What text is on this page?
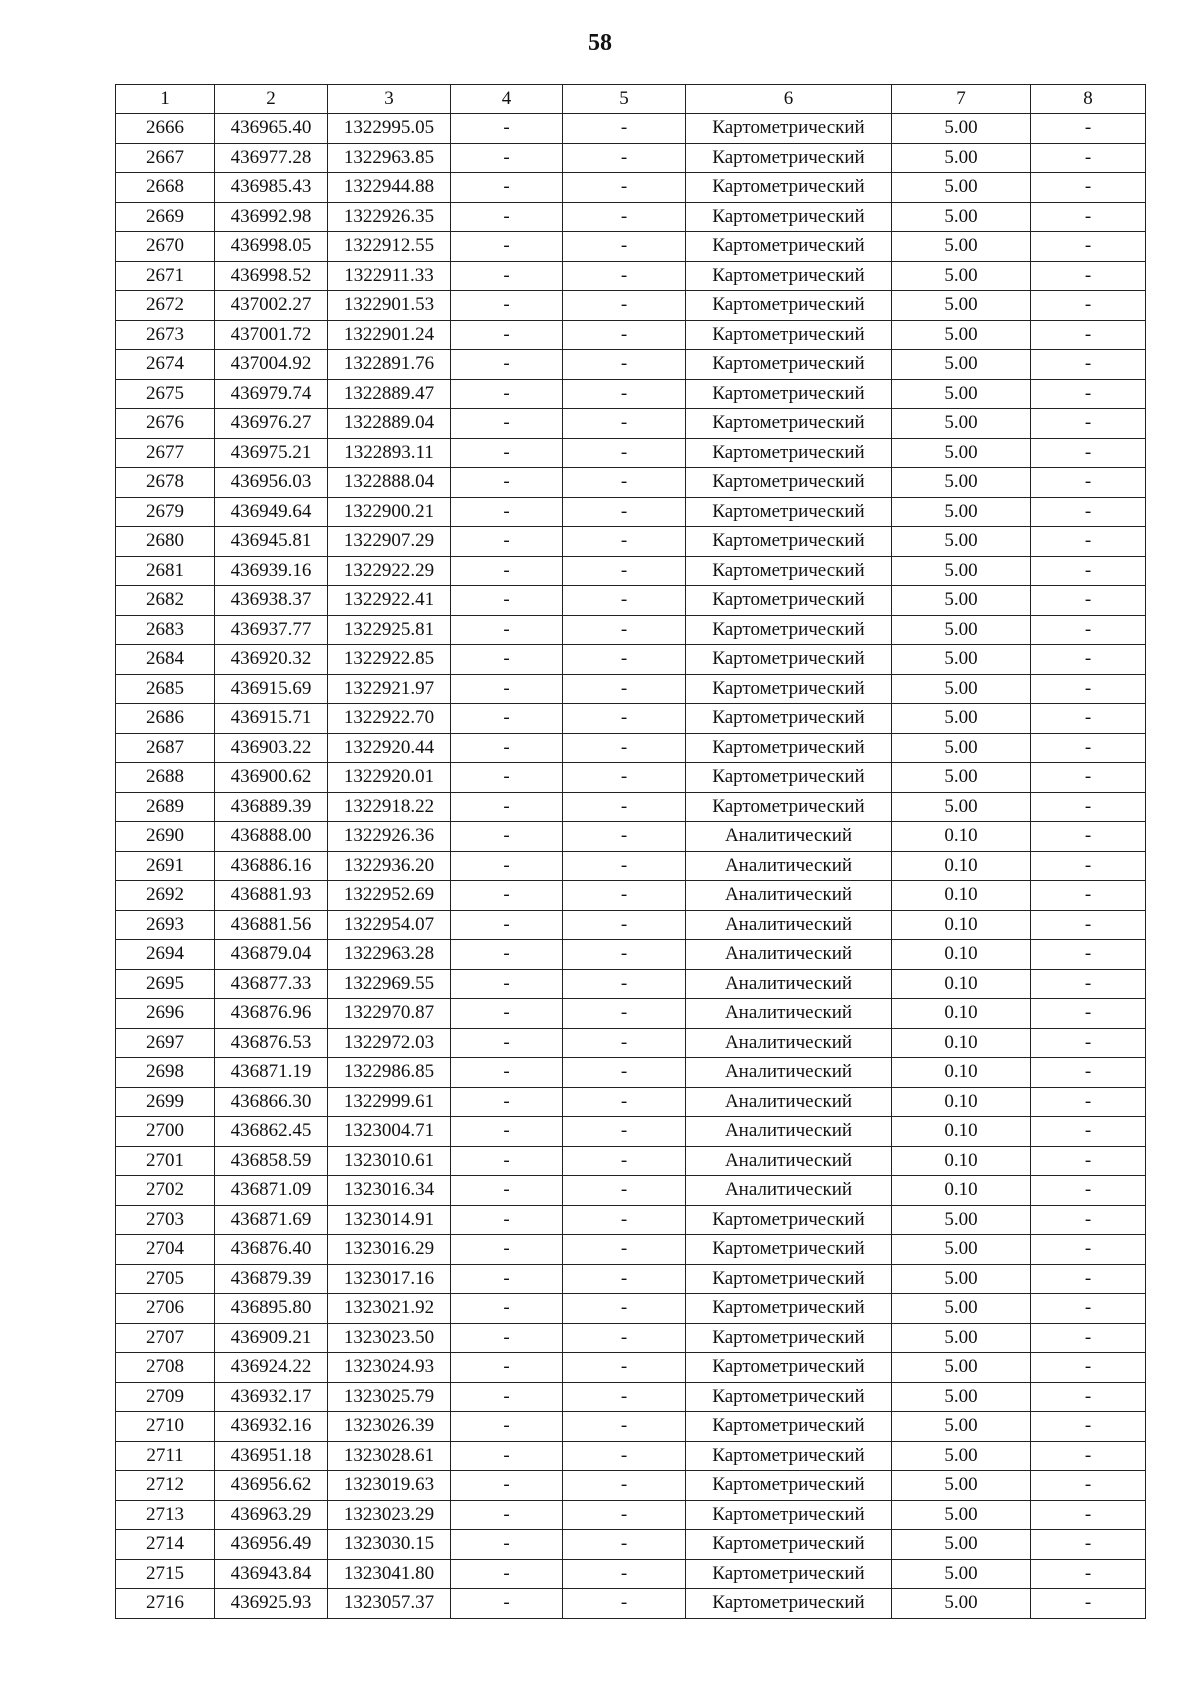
58
1	2	3	4	5	6	7	8
2666	436965.40	1322995.05	-	-	Картометрический	5.00	-
2667	436977.28	1322963.85	-	-	Картометрический	5.00	-
2668	436985.43	1322944.88	-	-	Картометрический	5.00	-
2669	436992.98	1322926.35	-	-	Картометрический	5.00	-
2670	436998.05	1322912.55	-	-	Картометрический	5.00	-
2671	436998.52	1322911.33	-	-	Картометрический	5.00	-
2672	437002.27	1322901.53	-	-	Картометрический	5.00	-
2673	437001.72	1322901.24	-	-	Картометрический	5.00	-
2674	437004.92	1322891.76	-	-	Картометрический	5.00	-
2675	436979.74	1322889.47	-	-	Картометрический	5.00	-
2676	436976.27	1322889.04	-	-	Картометрический	5.00	-
2677	436975.21	1322893.11	-	-	Картометрический	5.00	-
2678	436956.03	1322888.04	-	-	Картометрический	5.00	-
2679	436949.64	1322900.21	-	-	Картометрический	5.00	-
2680	436945.81	1322907.29	-	-	Картометрический	5.00	-
2681	436939.16	1322922.29	-	-	Картометрический	5.00	-
2682	436938.37	1322922.41	-	-	Картометрический	5.00	-
2683	436937.77	1322925.81	-	-	Картометрический	5.00	-
2684	436920.32	1322922.85	-	-	Картометрический	5.00	-
2685	436915.69	1322921.97	-	-	Картометрический	5.00	-
2686	436915.71	1322922.70	-	-	Картометрический	5.00	-
2687	436903.22	1322920.44	-	-	Картометрический	5.00	-
2688	436900.62	1322920.01	-	-	Картометрический	5.00	-
2689	436889.39	1322918.22	-	-	Картометрический	5.00	-
2690	436888.00	1322926.36	-	-	Аналитический	0.10	-
2691	436886.16	1322936.20	-	-	Аналитический	0.10	-
2692	436881.93	1322952.69	-	-	Аналитический	0.10	-
2693	436881.56	1322954.07	-	-	Аналитический	0.10	-
2694	436879.04	1322963.28	-	-	Аналитический	0.10	-
2695	436877.33	1322969.55	-	-	Аналитический	0.10	-
2696	436876.96	1322970.87	-	-	Аналитический	0.10	-
2697	436876.53	1322972.03	-	-	Аналитический	0.10	-
2698	436871.19	1322986.85	-	-	Аналитический	0.10	-
2699	436866.30	1322999.61	-	-	Аналитический	0.10	-
2700	436862.45	1323004.71	-	-	Аналитический	0.10	-
2701	436858.59	1323010.61	-	-	Аналитический	0.10	-
2702	436871.09	1323016.34	-	-	Аналитический	0.10	-
2703	436871.69	1323014.91	-	-	Картометрический	5.00	-
2704	436876.40	1323016.29	-	-	Картометрический	5.00	-
2705	436879.39	1323017.16	-	-	Картометрический	5.00	-
2706	436895.80	1323021.92	-	-	Картометрический	5.00	-
2707	436909.21	1323023.50	-	-	Картометрический	5.00	-
2708	436924.22	1323024.93	-	-	Картометрический	5.00	-
2709	436932.17	1323025.79	-	-	Картометрический	5.00	-
2710	436932.16	1323026.39	-	-	Картометрический	5.00	-
2711	436951.18	1323028.61	-	-	Картометрический	5.00	-
2712	436956.62	1323019.63	-	-	Картометрический	5.00	-
2713	436963.29	1323023.29	-	-	Картометрический	5.00	-
2714	436956.49	1323030.15	-	-	Картометрический	5.00	-
2715	436943.84	1323041.80	-	-	Картометрический	5.00	-
2716	436925.93	1323057.37	-	-	Картометрический	5.00	-
